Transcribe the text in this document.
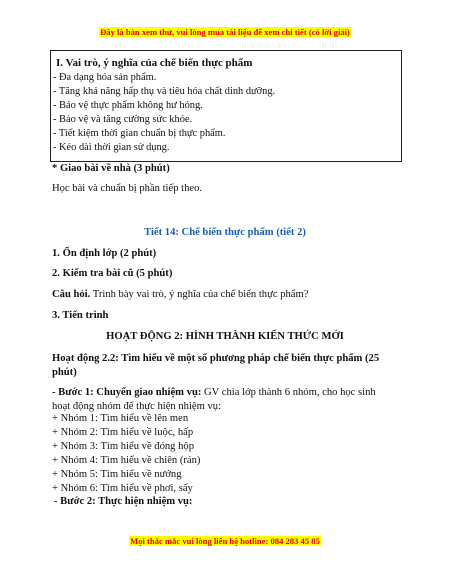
Đây là bản xem thử, vui lòng mua tài liệu để xem chi tiết (có lời giải)
I. Vai trò, ý nghĩa của chế biến thực phẩm
- Đa dạng hóa sản phẩm.
- Tăng khả năng hấp thụ và tiêu hóa chất dinh dưỡng.
- Bảo vệ thực phẩm không hư hỏng.
- Bảo vệ và tăng cường sức khỏe.
- Tiết kiệm thời gian chuẩn bị thực phẩm.
- Kéo dài thời gian sử dụng.
* Giao bài về nhà (3 phút)
Học bài và chuẩn bị phần tiếp theo.
Tiết 14: Chế biến thực phẩm (tiết 2)
1. Ổn định lớp (2 phút)
2. Kiểm tra bài cũ (5 phút)
Câu hỏi. Trình bày vai trò, ý nghĩa của chế biến thực phẩm?
3. Tiến trình
HOẠT ĐỘNG 2: HÌNH THÀNH KIẾN THỨC MỚI
Hoạt động 2.2: Tìm hiểu về một số phương pháp chế biến thực phẩm (25 phút)
- Bước 1: Chuyển giao nhiệm vụ: GV chia lớp thành 6 nhóm, cho học sinh hoạt động nhóm để thực hiện nhiệm vụ:
+ Nhóm 1: Tìm hiểu về lên men
+ Nhóm 2: Tìm hiểu về luộc, hấp
+ Nhóm 3: Tìm hiểu về đóng hộp
+ Nhóm 4: Tìm hiểu về chiên (rán)
+ Nhóm 5: Tìm hiểu về nướng
+ Nhóm 6: Tìm hiểu về phơi, sấy
- Bước 2: Thực hiện nhiệm vụ:
Mọi thắc mắc vui lòng liên hệ hotline: 084 283 45 85
